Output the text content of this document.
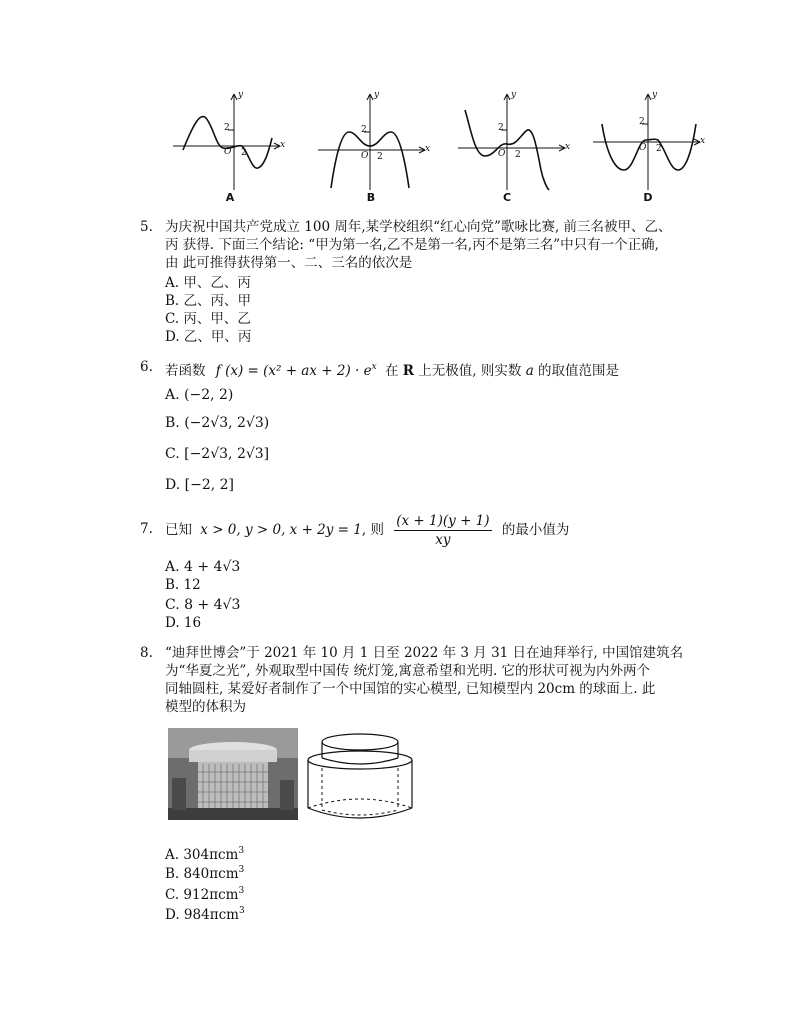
y
x
2
O 2
A
y
x
2
O 2
B
y
x
2
O 2
C
y
x
2
O 2
D
5. 为庆祝中国共产党成立 100 周年,某学校组织“红心向党”歌咏比赛, 前三名被甲、乙、
丙 获得. 下面三个结论: “甲为第一名,乙不是第一名,丙不是第三名”中只有一个正确,
由 此可推得获得第一、二、三名的依次是
A. 甲、乙、丙
B. 乙、丙、甲
C. 丙、甲、乙
D. 乙、甲、丙
6. 若函数 f (x) = (x² + ax + $2) \cdot e^x$ 在 R 上无极值, 则实数 a 的取值范围是
A. (−2, 2)
B. (−2√3, 2√3)
C. [−2√3, 2√3]
D. [−2, 2]
7. 已知 x > 0, y > 0, x + 2y = 1, 则 $\frac{(x + 1)(y + 1)}{xy}$ 的最小值为
A. 4 + 4√3
B. 12
C. 8 + 4√3
D. 16
8. “迪拜世博会”于 2021 年 10 月 1 日至 2022 年 3 月 31 日在迪拜举行, 中国馆建筑名
为“华夏之光”, 外观取型中国传 统灯笼,寓意希望和光明. 它的形状可视为内外两个
同轴圆柱, 某爱好者制作了一个中国馆的实心模型, 已知模型内 20cm 的球面上. 此
模型的体积为
A. 304πcm$^3$
B. 840πcm$^3$
C. 912πcm$^3$
D. 984πcm$^3$
